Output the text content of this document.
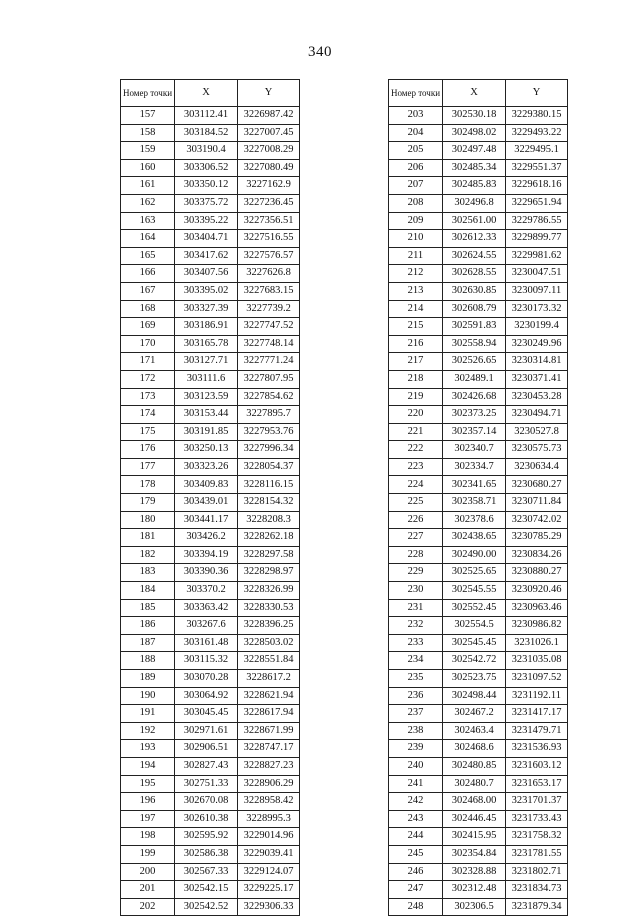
340
Номер точки	X	Y
157	303112.41	3226987.42
158	303184.52	3227007.45
159	303190.4	3227008.29
160	303306.52	3227080.49
161	303350.12	3227162.9
162	303375.72	3227236.45
163	303395.22	3227356.51
164	303404.71	3227516.55
165	303417.62	3227576.57
166	303407.56	3227626.8
167	303395.02	3227683.15
168	303327.39	3227739.2
169	303186.91	3227747.52
170	303165.78	3227748.14
171	303127.71	3227771.24
172	303111.6	3227807.95
173	303123.59	3227854.62
174	303153.44	3227895.7
175	303191.85	3227953.76
176	303250.13	3227996.34
177	303323.26	3228054.37
178	303409.83	3228116.15
179	303439.01	3228154.32
180	303441.17	3228208.3
181	303426.2	3228262.18
182	303394.19	3228297.58
183	303390.36	3228298.97
184	303370.2	3228326.99
185	303363.42	3228330.53
186	303267.6	3228396.25
187	303161.48	3228503.02
188	303115.32	3228551.84
189	303070.28	3228617.2
190	303064.92	3228621.94
191	303045.45	3228617.94
192	302971.61	3228671.99
193	302906.51	3228747.17
194	302827.43	3228827.23
195	302751.33	3228906.29
196	302670.08	3228958.42
197	302610.38	3228995.3
198	302595.92	3229014.96
199	302586.38	3229039.41
200	302567.33	3229124.07
201	302542.15	3229225.17
202	302542.52	3229306.33
Номер точки	X	Y
203	302530.18	3229380.15
204	302498.02	3229493.22
205	302497.48	3229495.1
206	302485.34	3229551.37
207	302485.83	3229618.16
208	302496.8	3229651.94
209	302561.00	3229786.55
210	302612.33	3229899.77
211	302624.55	3229981.62
212	302628.55	3230047.51
213	302630.85	3230097.11
214	302608.79	3230173.32
215	302591.83	3230199.4
216	302558.94	3230249.96
217	302526.65	3230314.81
218	302489.1	3230371.41
219	302426.68	3230453.28
220	302373.25	3230494.71
221	302357.14	3230527.8
222	302340.7	3230575.73
223	302334.7	3230634.4
224	302341.65	3230680.27
225	302358.71	3230711.84
226	302378.6	3230742.02
227	302438.65	3230785.29
228	302490.00	3230834.26
229	302525.65	3230880.27
230	302545.55	3230920.46
231	302552.45	3230963.46
232	302554.5	3230986.82
233	302545.45	3231026.1
234	302542.72	3231035.08
235	302523.75	3231097.52
236	302498.44	3231192.11
237	302467.2	3231417.17
238	302463.4	3231479.71
239	302468.6	3231536.93
240	302480.85	3231603.12
241	302480.7	3231653.17
242	302468.00	3231701.37
243	302446.45	3231733.43
244	302415.95	3231758.32
245	302354.84	3231781.55
246	302328.88	3231802.71
247	302312.48	3231834.73
248	302306.5	3231879.34
